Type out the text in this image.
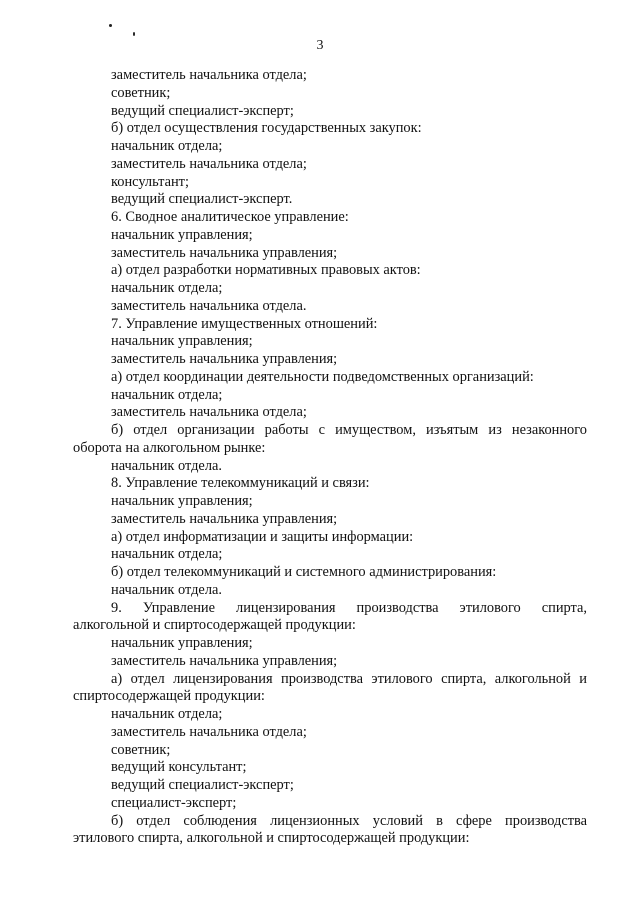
3
заместитель начальника отдела;
советник;
ведущий специалист-эксперт;
б) отдел осуществления государственных закупок:
начальник отдела;
заместитель начальника отдела;
консультант;
ведущий специалист-эксперт.
6. Сводное аналитическое управление:
начальник управления;
заместитель начальника управления;
а) отдел разработки нормативных правовых актов:
начальник отдела;
заместитель начальника отдела.
7. Управление имущественных отношений:
начальник управления;
заместитель начальника управления;
а) отдел координации деятельности подведомственных организаций:
начальник отдела;
заместитель начальника отдела;
б) отдел организации работы с имуществом, изъятым из незаконного
оборота на алкогольном рынке:
начальник отдела.
8. Управление телекоммуникаций и связи:
начальник управления;
заместитель начальника управления;
а) отдел информатизации и защиты информации:
начальник отдела;
б) отдел телекоммуникаций и системного администрирования:
начальник отдела.
9. Управление лицензирования производства этилового спирта,
алкогольной и спиртосодержащей продукции:
начальник управления;
заместитель начальника управления;
а) отдел лицензирования производства этилового спирта, алкогольной и
спиртосодержащей продукции:
начальник отдела;
заместитель начальника отдела;
советник;
ведущий консультант;
ведущий специалист-эксперт;
специалист-эксперт;
б) отдел соблюдения лицензионных условий в сфере производства
этилового спирта, алкогольной и спиртосодержащей продукции:
